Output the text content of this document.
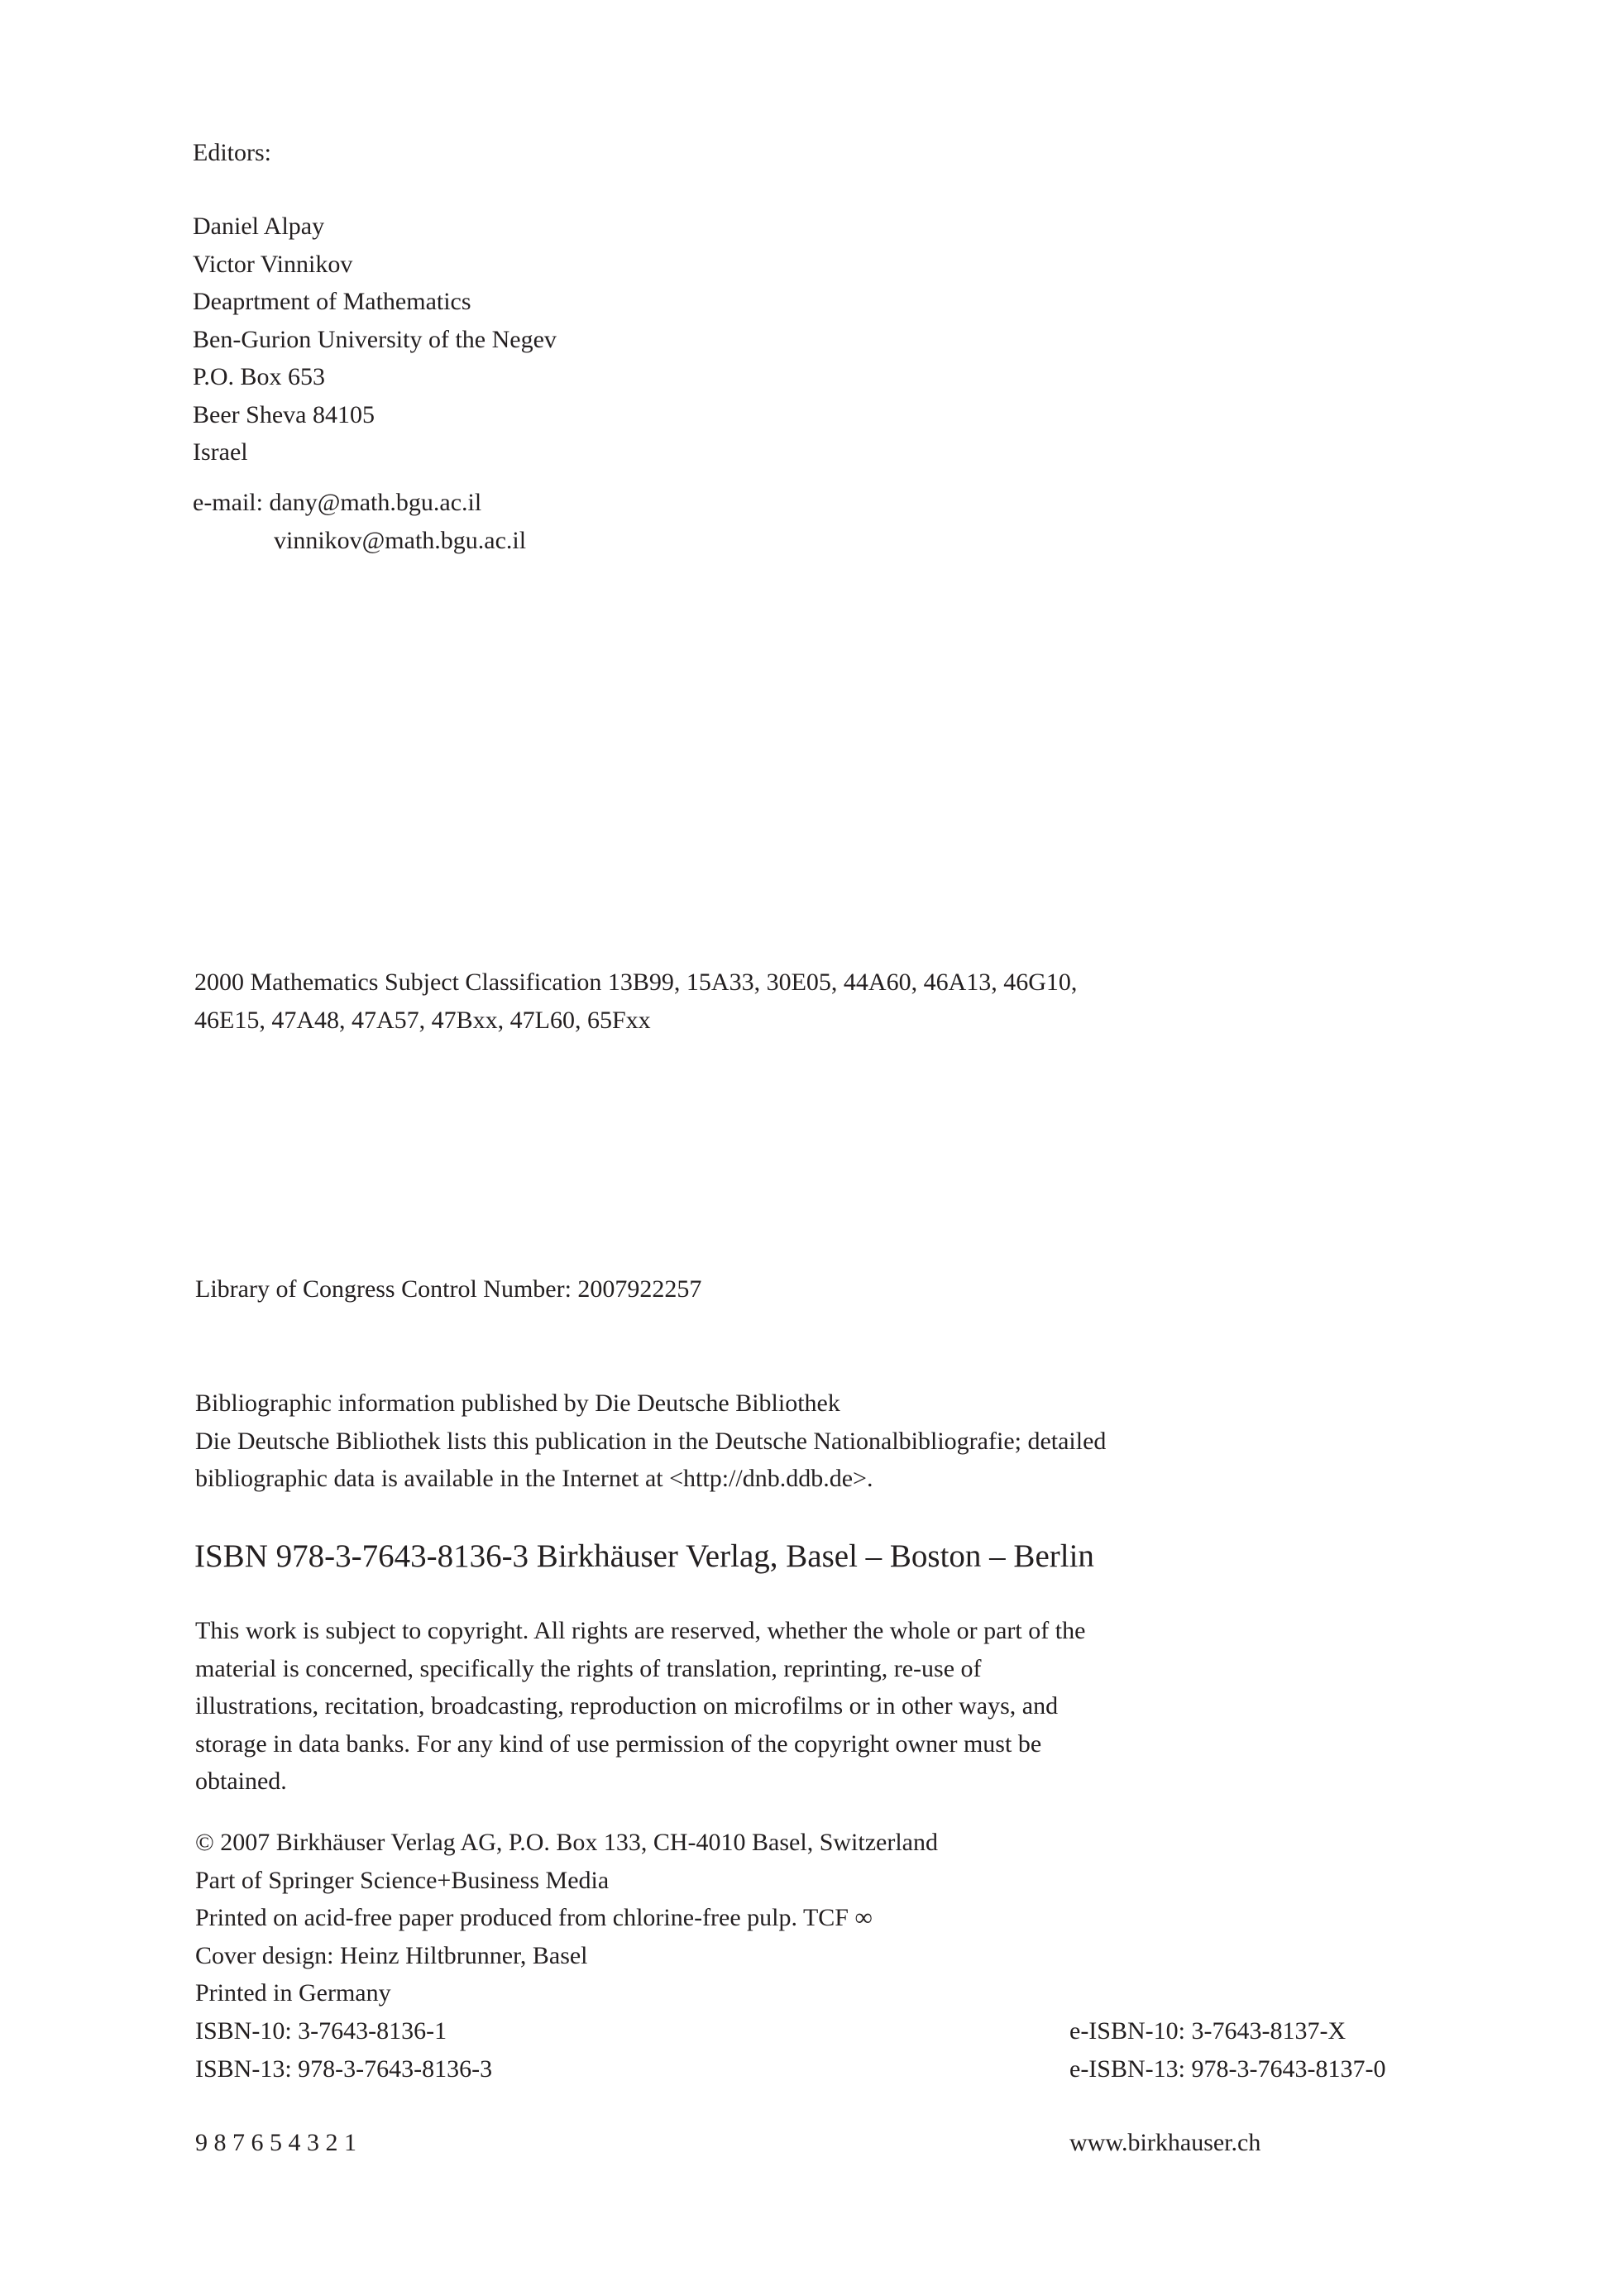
Editors:
Daniel Alpay
Victor Vinnikov
Deaprtment of Mathematics
Ben-Gurion University of the Negev
P.O. Box 653
Beer Sheva 84105
Israel
e-mail: dany@math.bgu.ac.il
vinnikov@math.bgu.ac.il
2000 Mathematics Subject Classification 13B99, 15A33, 30E05, 44A60, 46A13, 46G10,
46E15, 47A48, 47A57, 47Bxx, 47L60, 65Fxx
Library of Congress Control Number: 2007922257
Bibliographic information published by Die Deutsche Bibliothek
Die Deutsche Bibliothek lists this publication in the Deutsche Nationalbibliografie; detailed
bibliographic data is available in the Internet at <http://dnb.ddb.de>.
ISBN 978-3-7643-8136-3 Birkhäuser Verlag, Basel – Boston – Berlin
This work is subject to copyright. All rights are reserved, whether the whole or part of the
material is concerned, specifically the rights of translation, reprinting, re-use of
illustrations, recitation, broadcasting, reproduction on microfilms or in other ways, and
storage in data banks. For any kind of use permission of the copyright owner must be
obtained.
© 2007 Birkhäuser Verlag AG, P.O. Box 133, CH-4010 Basel, Switzerland
Part of Springer Science+Business Media
Printed on acid-free paper produced from chlorine-free pulp. TCF ∞
Cover design: Heinz Hiltbrunner, Basel
Printed in Germany
ISBN-10: 3-7643-8136-1
ISBN-13: 978-3-7643-8136-3
e-ISBN-10: 3-7643-8137-X
e-ISBN-13: 978-3-7643-8137-0
9 8 7 6 5 4 3 2 1	www.birkhauser.ch
